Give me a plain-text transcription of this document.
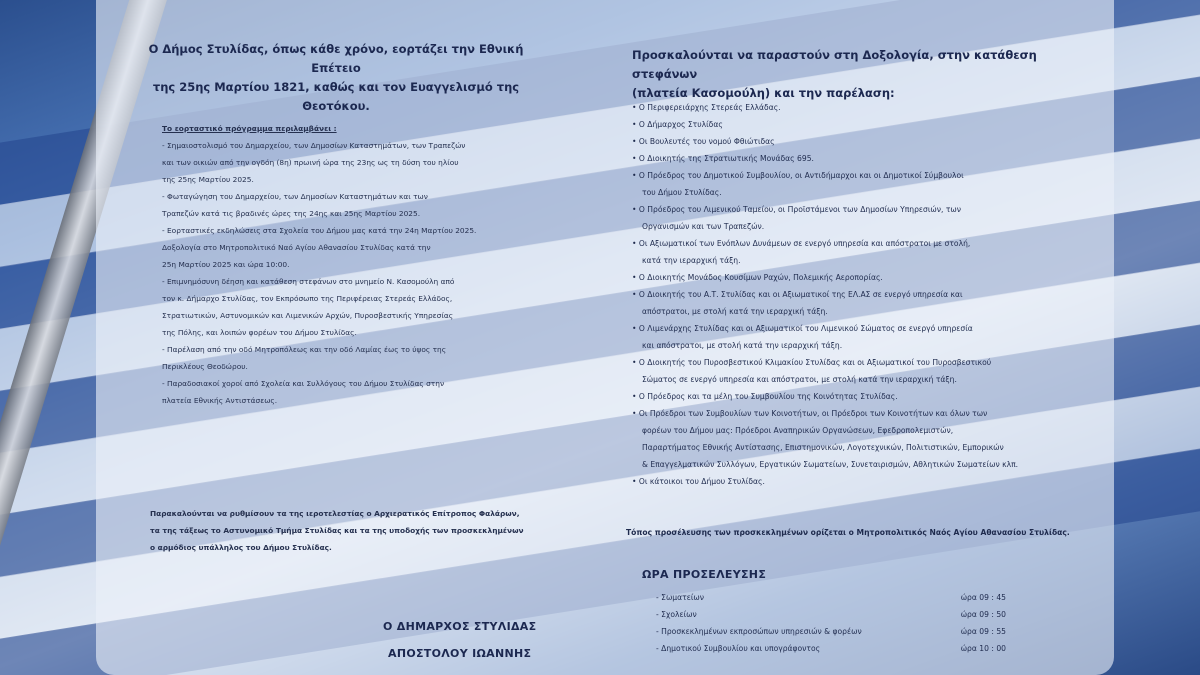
Ο Δήμος Στυλίδας, όπως κάθε χρόνο, εορτάζει την Εθνική Επέτειο
της 25ης Μαρτίου 1821, καθώς και τον Ευαγγελισμό της Θεοτόκου.

Το εορταστικό πρόγραμμα περιλαμβάνει :

- Σημαιοστολισμό του Δημαρχείου, των Δημοσίων Καταστημάτων, των Τραπεζών

και των οικιών από την ογδόη (8η) πρωινή ώρα της 23ης ως τη δύση του ηλίου

της 25ης Μαρτίου 2025.

- Φωταγώγηση του Δημαρχείου, των Δημοσίων Καταστημάτων και των

Τραπεζών κατά τις βραδινές ώρες της 24ης και 25ης Μαρτίου 2025.

- Εορταστικές εκδηλώσεις στα Σχολεία του Δήμου μας κατά την 24η Μαρτίου 2025.

Δοξολογία στο Μητροπολιτικό Ναό Αγίου Αθανασίου Στυλίδας κατά την

25η Μαρτίου 2025 και ώρα 10:00.

- Επιμνημόσυνη δέηση και κατάθεση στεφάνων στο μνημείο Ν. Κασομούλη από

τον κ. Δήμαρχο Στυλίδας, τον Εκπρόσωπο της Περιφέρειας Στερεάς Ελλάδος,

Στρατιωτικών, Αστυνομικών και Λιμενικών Αρχών, Πυροσβεστικής Υπηρεσίας

της Πόλης, και λοιπών φορέων του Δήμου Στυλίδας.

- Παρέλαση από την οδό Μητροπόλεως και την οδό Λαμίας έως το ύψος της

Περικλέους Θεοδώρου.

- Παραδοσιακοί χοροί από Σχολεία και Συλλόγους του Δήμου Στυλίδας στην

πλατεία Εθνικής Αντιστάσεως.

Παρακαλούνται να ρυθμίσουν τα της ιεροτελεστίας ο Αρχιερατικός Επίτροπος Φαλάρων,

τα της τάξεως το Αστυνομικό Τμήμα Στυλίδας και τα της υποδοχής των προσκεκλημένων

ο αρμόδιος υπάλληλος του Δήμου Στυλίδας.

Ο ΔΗΜΑΡΧΟΣ ΣΤΥΛΙΔΑΣ
ΑΠΟΣΤΟΛΟΥ ΙΩΑΝΝΗΣ
Προσκαλούνται να παραστούν στη Δοξολογία, στην κατάθεση στεφάνων
(πλατεία Κασομούλη) και την παρέλαση:

• Ο Περιφερειάρχης Στερεάς Ελλάδας.

• Ο Δήμαρχος Στυλίδας

• Οι Βουλευτές του νομού Φθιώτιδας

• Ο Διοικητής της Στρατιωτικής Μονάδας 695.

• Ο Πρόεδρος του Δημοτικού Συμβουλίου, οι Αντιδήμαρχοι και οι Δημοτικοί Σύμβουλοι

του Δήμου Στυλίδας.

• Ο Πρόεδρος του Λιμενικού Ταμείου, οι Προϊστάμενοι των Δημοσίων Υπηρεσιών, των

Οργανισμών και των Τραπεζών.

• Οι Αξιωματικοί των Ενόπλων Δυνάμεων σε ενεργό υπηρεσία και απόστρατοι με στολή,

κατά την ιεραρχική τάξη.

• Ο Διοικητής Μονάδος Κουσίμων Ραχών, Πολεμικής Αεροπορίας.

• Ο Διοικητής του Α.Τ. Στυλίδας και οι Αξιωματικοί της ΕΛ.ΑΣ σε ενεργό υπηρεσία και

απόστρατοι, με στολή κατά την ιεραρχική τάξη.

• Ο Λιμενάρχης Στυλίδας και οι Αξιωματικοί του Λιμενικού Σώματος σε ενεργό υπηρεσία

και απόστρατοι, με στολή κατά την ιεραρχική τάξη.

• Ο Διοικητής του Πυροσβεστικού Κλιμακίου Στυλίδας και οι Αξιωματικοί του Πυροσβεστικού

Σώματος σε ενεργό υπηρεσία και απόστρατοι, με στολή κατά την ιεραρχική τάξη.

• Ο Πρόεδρος και τα μέλη του Συμβουλίου της Κοινότητας Στυλίδας.

• Οι Πρόεδροι των Συμβουλίων των Κοινοτήτων, οι Πρόεδροι των Κοινοτήτων και όλων των

φορέων του Δήμου μας: Πρόεδροι Αναπηρικών Οργανώσεων, Εφεδροπολεμιστών,

Παραρτήματος Εθνικής Αντίστασης, Επιστημονικών, Λογοτεχνικών, Πολιτιστικών, Εμπορικών

& Επαγγελματικών Συλλόγων, Εργατικών Σωματείων, Συνεταιρισμών, Αθλητικών Σωματείων κλπ.

• Οι κάτοικοι του Δήμου Στυλίδας.

Τόπος προσέλευσης των προσκεκλημένων ορίζεται ο Μητροπολιτικός Ναός Αγίου Αθανασίου Στυλίδας.
ΩΡΑ ΠΡΟΣΕΛΕΥΣΗΣ
- Σωματείων	ώρα 09 : 45
- Σχολείων	ώρα 09 : 50
- Προσκεκλημένων εκπροσώπων υπηρεσιών & φορέων	ώρα 09 : 55
- Δημοτικού Συμβουλίου και υπογράφοντος	ώρα 10 : 00
